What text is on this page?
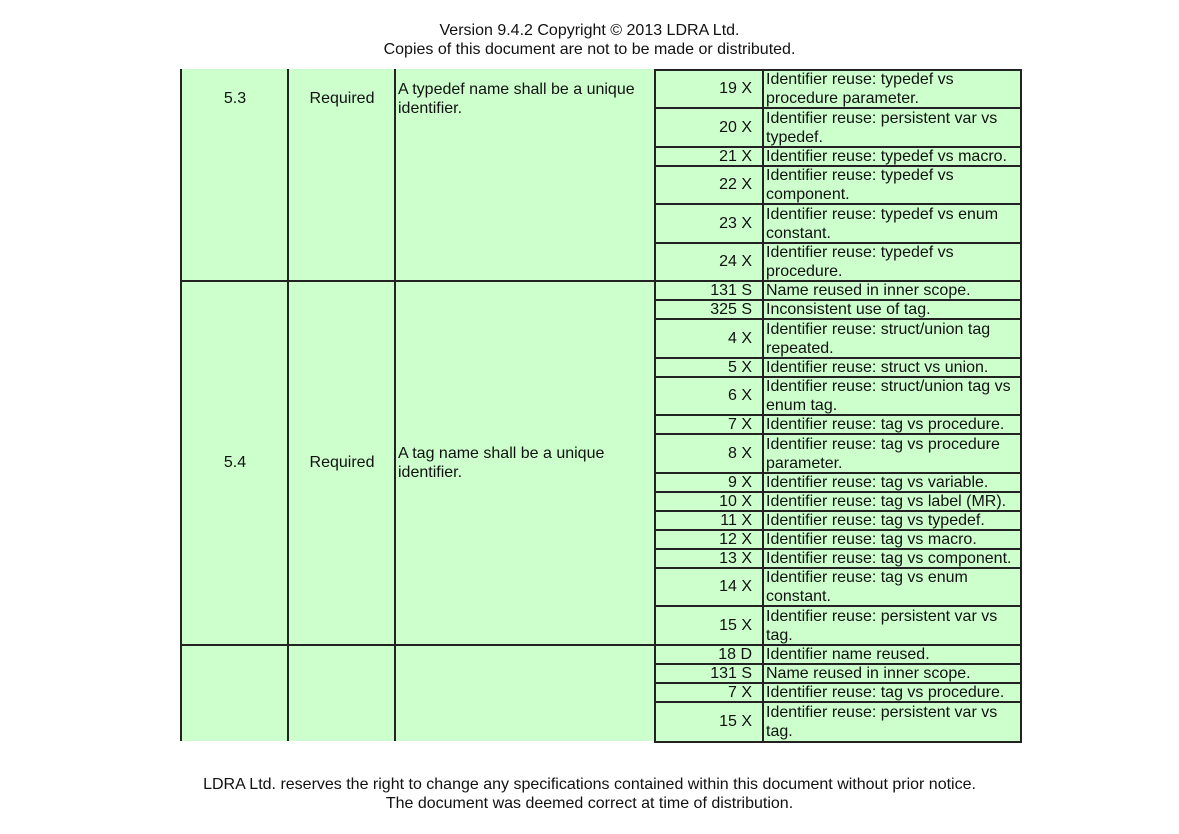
Version 9.4.2 Copyright © 2013 LDRA Ltd.
Copies of this document are not to be made or distributed.
5.3	Required
A typedef name shall be a unique identifier.
5.4	Required
A tag name shall be a unique identifier.
19 X
Identifier reuse: typedef vs procedure parameter.
20 X
Identifier reuse: persistent var vs typedef.
21 X Identifier reuse: typedef vs macro.
22 X
Identifier reuse: typedef vs component.
23 X
Identifier reuse: typedef vs enum constant.
24 X
Identifier reuse: typedef vs procedure.
131 S Name reused in inner scope.
325 S Inconsistent use of tag.
4 X
Identifier reuse: struct/union tag repeated.
5 X Identifier reuse: struct vs union.
6 X
Identifier reuse: struct/union tag vs enum tag.
7 X Identifier reuse: tag vs procedure.
8 X
Identifier reuse: tag vs procedure parameter.
9 X Identifier reuse: tag vs variable.
10 X Identifier reuse: tag vs label (MR).
11 X Identifier reuse: tag vs typedef.
12 X Identifier reuse: tag vs macro.
13 X Identifier reuse: tag vs component.
14 X
Identifier reuse: tag vs enum constant.
15 X
Identifier reuse: persistent var vs tag.
18 D Identifier name reused.
131 S Name reused in inner scope.
7 X Identifier reuse: tag vs procedure.
15 X
Identifier reuse: persistent var vs tag.
LDRA Ltd. reserves the right to change any specifications contained within this document without prior notice.
The document was deemed correct at time of distribution.
